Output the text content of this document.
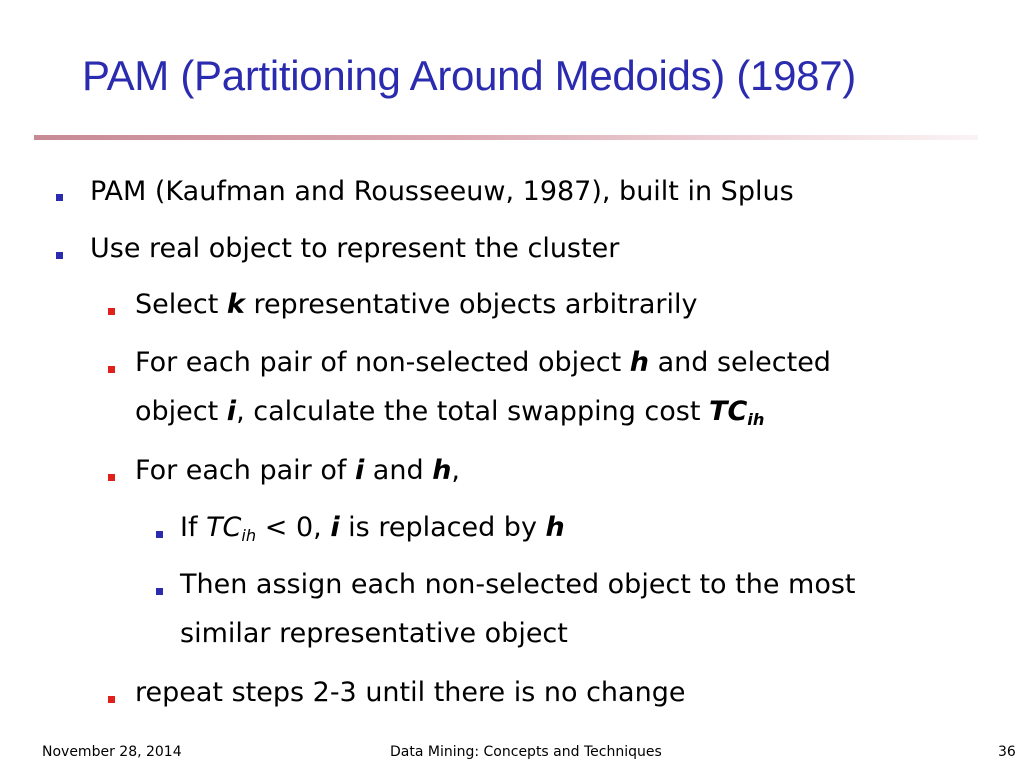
PAM (Partitioning Around Medoids) (1987)
PAM (Kaufman and Rousseeuw, 1987), built in Splus
Use real object to represent the cluster
Select k representative objects arbitrarily
For each pair of non-selected object h and selected
object i, calculate the total swapping cost $TC_{ih}$
For each pair of i and h,
If $TC_{ih} < 0$, i is replaced by h
Then assign each non-selected object to the most
similar representative object
repeat steps 2-3 until there is no change
November 28, 2014	Data Mining: Concepts and Techniques	36
